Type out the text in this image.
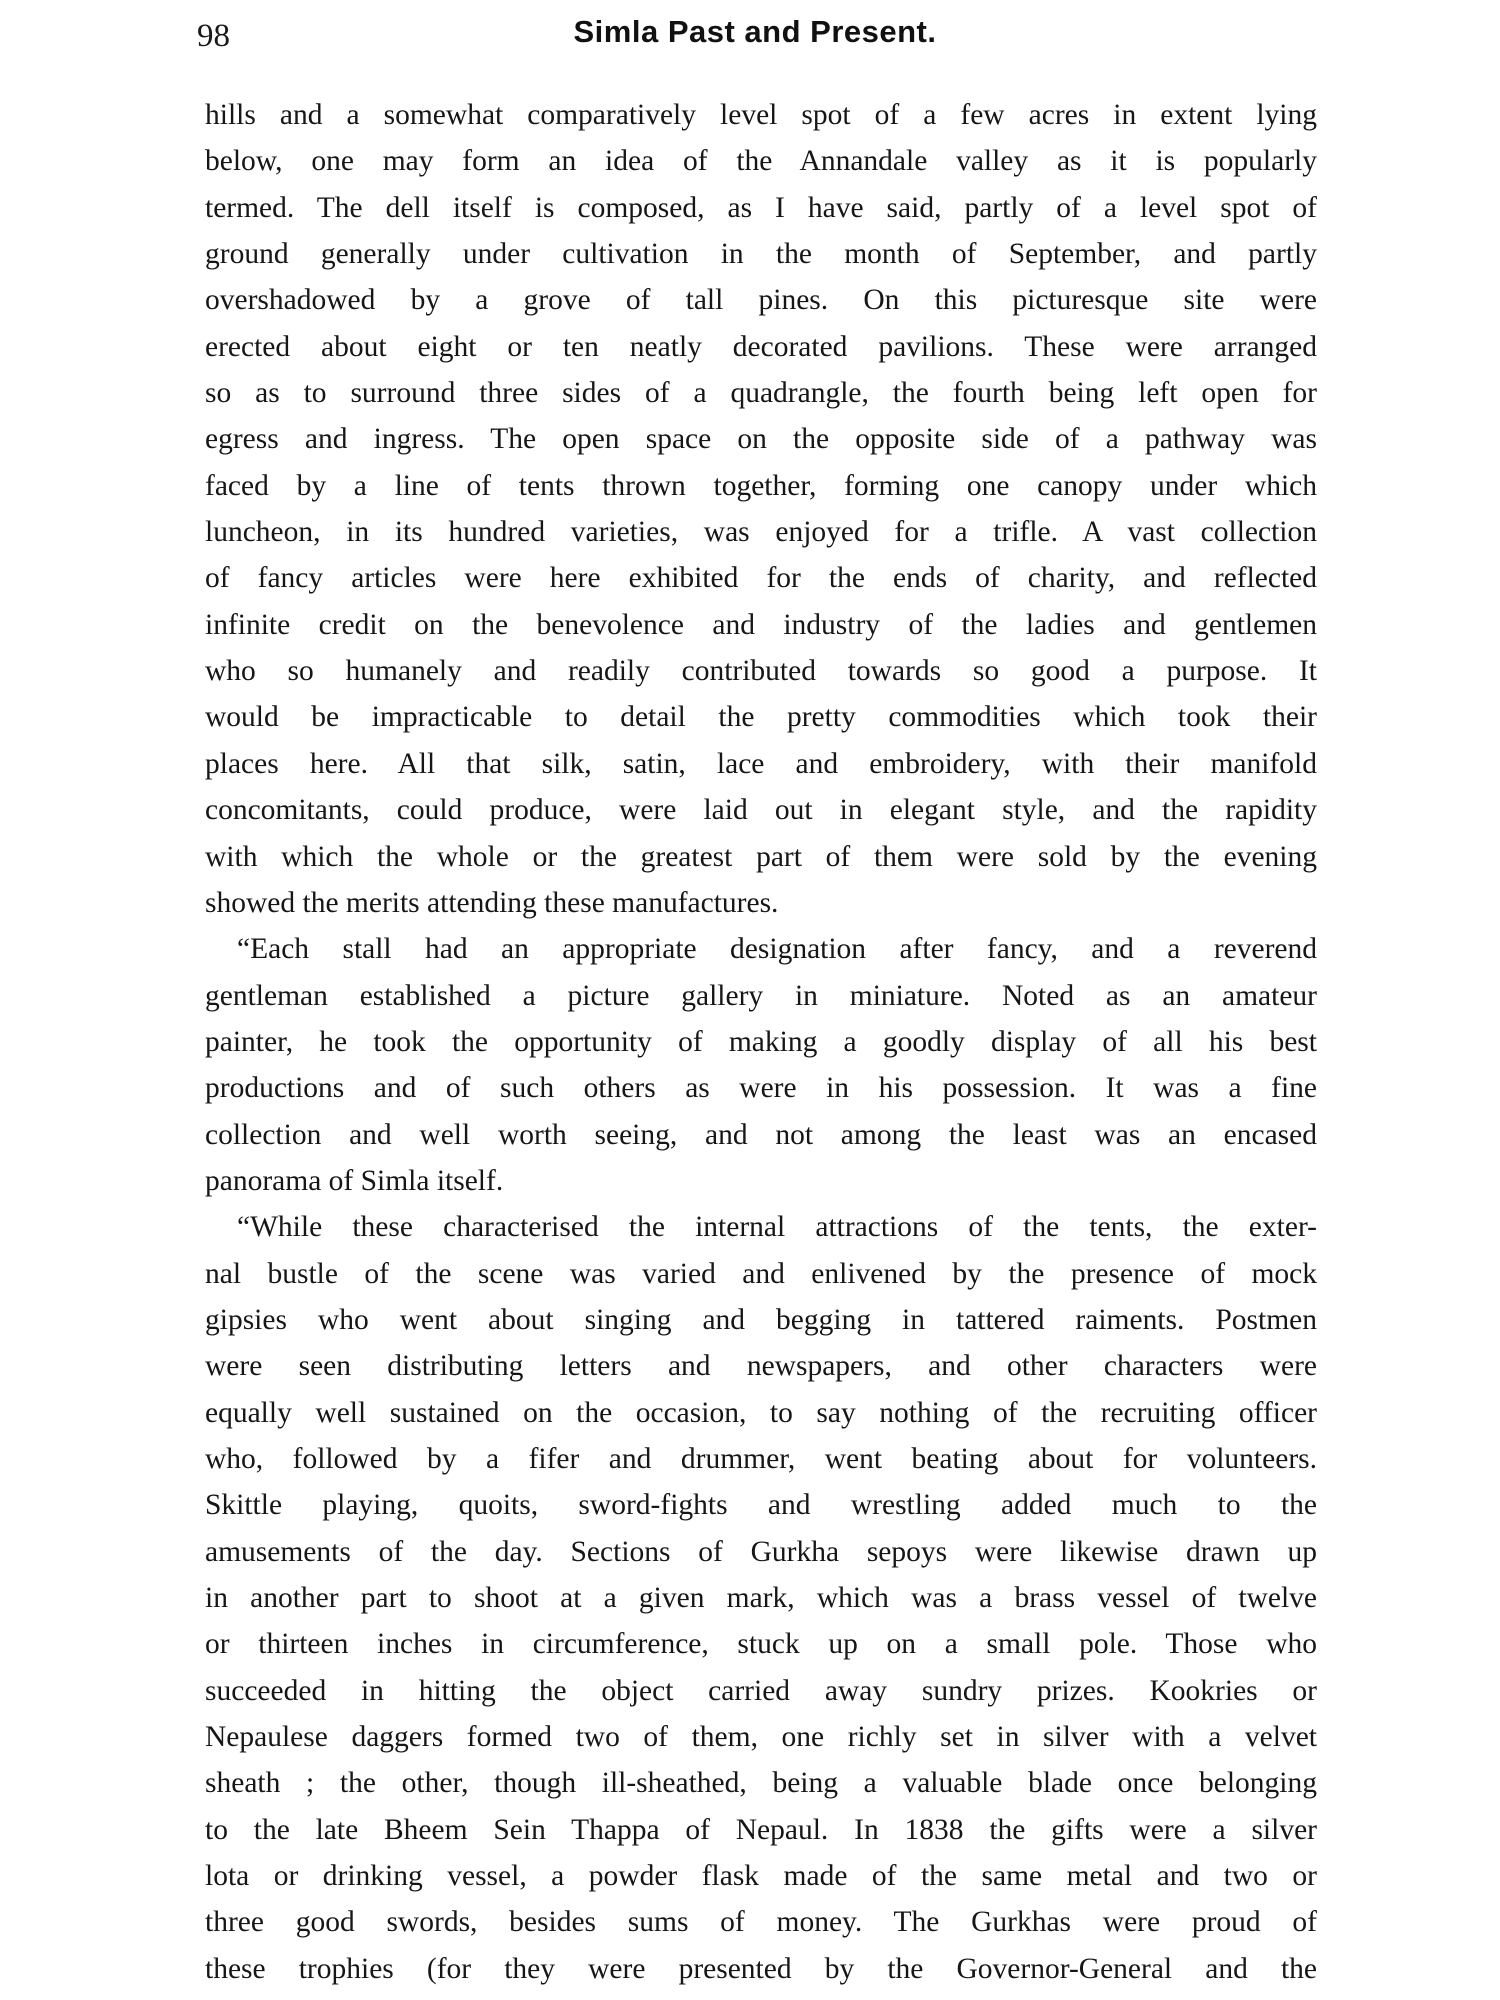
98	Simla Past and Present.
hills and a somewhat comparatively level spot of a few acres in extent lying
below, one may form an idea of the Annandale valley as it is popularly
termed. The dell itself is composed, as I have said, partly of a level spot of
ground generally under cultivation in the month of September, and partly
overshadowed by a grove of tall pines. On this picturesque site were
erected about eight or ten neatly decorated pavilions. These were arranged
so as to surround three sides of a quadrangle, the fourth being left open for
egress and ingress. The open space on the opposite side of a pathway was
faced by a line of tents thrown together, forming one canopy under which
luncheon, in its hundred varieties, was enjoyed for a trifle. A vast collection
of fancy articles were here exhibited for the ends of charity, and reflected
infinite credit on the benevolence and industry of the ladies and gentlemen
who so humanely and readily contributed towards so good a purpose. It
would be impracticable to detail the pretty commodities which took their
places here. All that silk, satin, lace and embroidery, with their manifold
concomitants, could produce, were laid out in elegant style, and the rapidity
with which the whole or the greatest part of them were sold by the evening
showed the merits attending these manufactures.
“Each stall had an appropriate designation after fancy, and a reverend
gentleman established a picture gallery in miniature. Noted as an amateur
painter, he took the opportunity of making a goodly display of all his best
productions and of such others as were in his possession. It was a fine
collection and well worth seeing, and not among the least was an encased
panorama of Simla itself.
“While these characterised the internal attractions of the tents, the exter-
nal bustle of the scene was varied and enlivened by the presence of mock
gipsies who went about singing and begging in tattered raiments. Postmen
were seen distributing letters and newspapers, and other characters were
equally well sustained on the occasion, to say nothing of the recruiting officer
who, followed by a fifer and drummer, went beating about for volunteers.
Skittle playing, quoits, sword-fights and wrestling added much to the
amusements of the day. Sections of Gurkha sepoys were likewise drawn up
in another part to shoot at a given mark, which was a brass vessel of twelve
or thirteen inches in circumference, stuck up on a small pole. Those who
succeeded in hitting the object carried away sundry prizes. Kookries or
Nepaulese daggers formed two of them, one richly set in silver with a velvet
sheath ; the other, though ill-sheathed, being a valuable blade once belonging
to the late Bheem Sein Thappa of Nepaul. In 1838 the gifts were a silver
lota or drinking vessel, a powder flask made of the same metal and two or
three good swords, besides sums of money. The Gurkhas were proud of
these trophies (for they were presented by the Governor-General and the
